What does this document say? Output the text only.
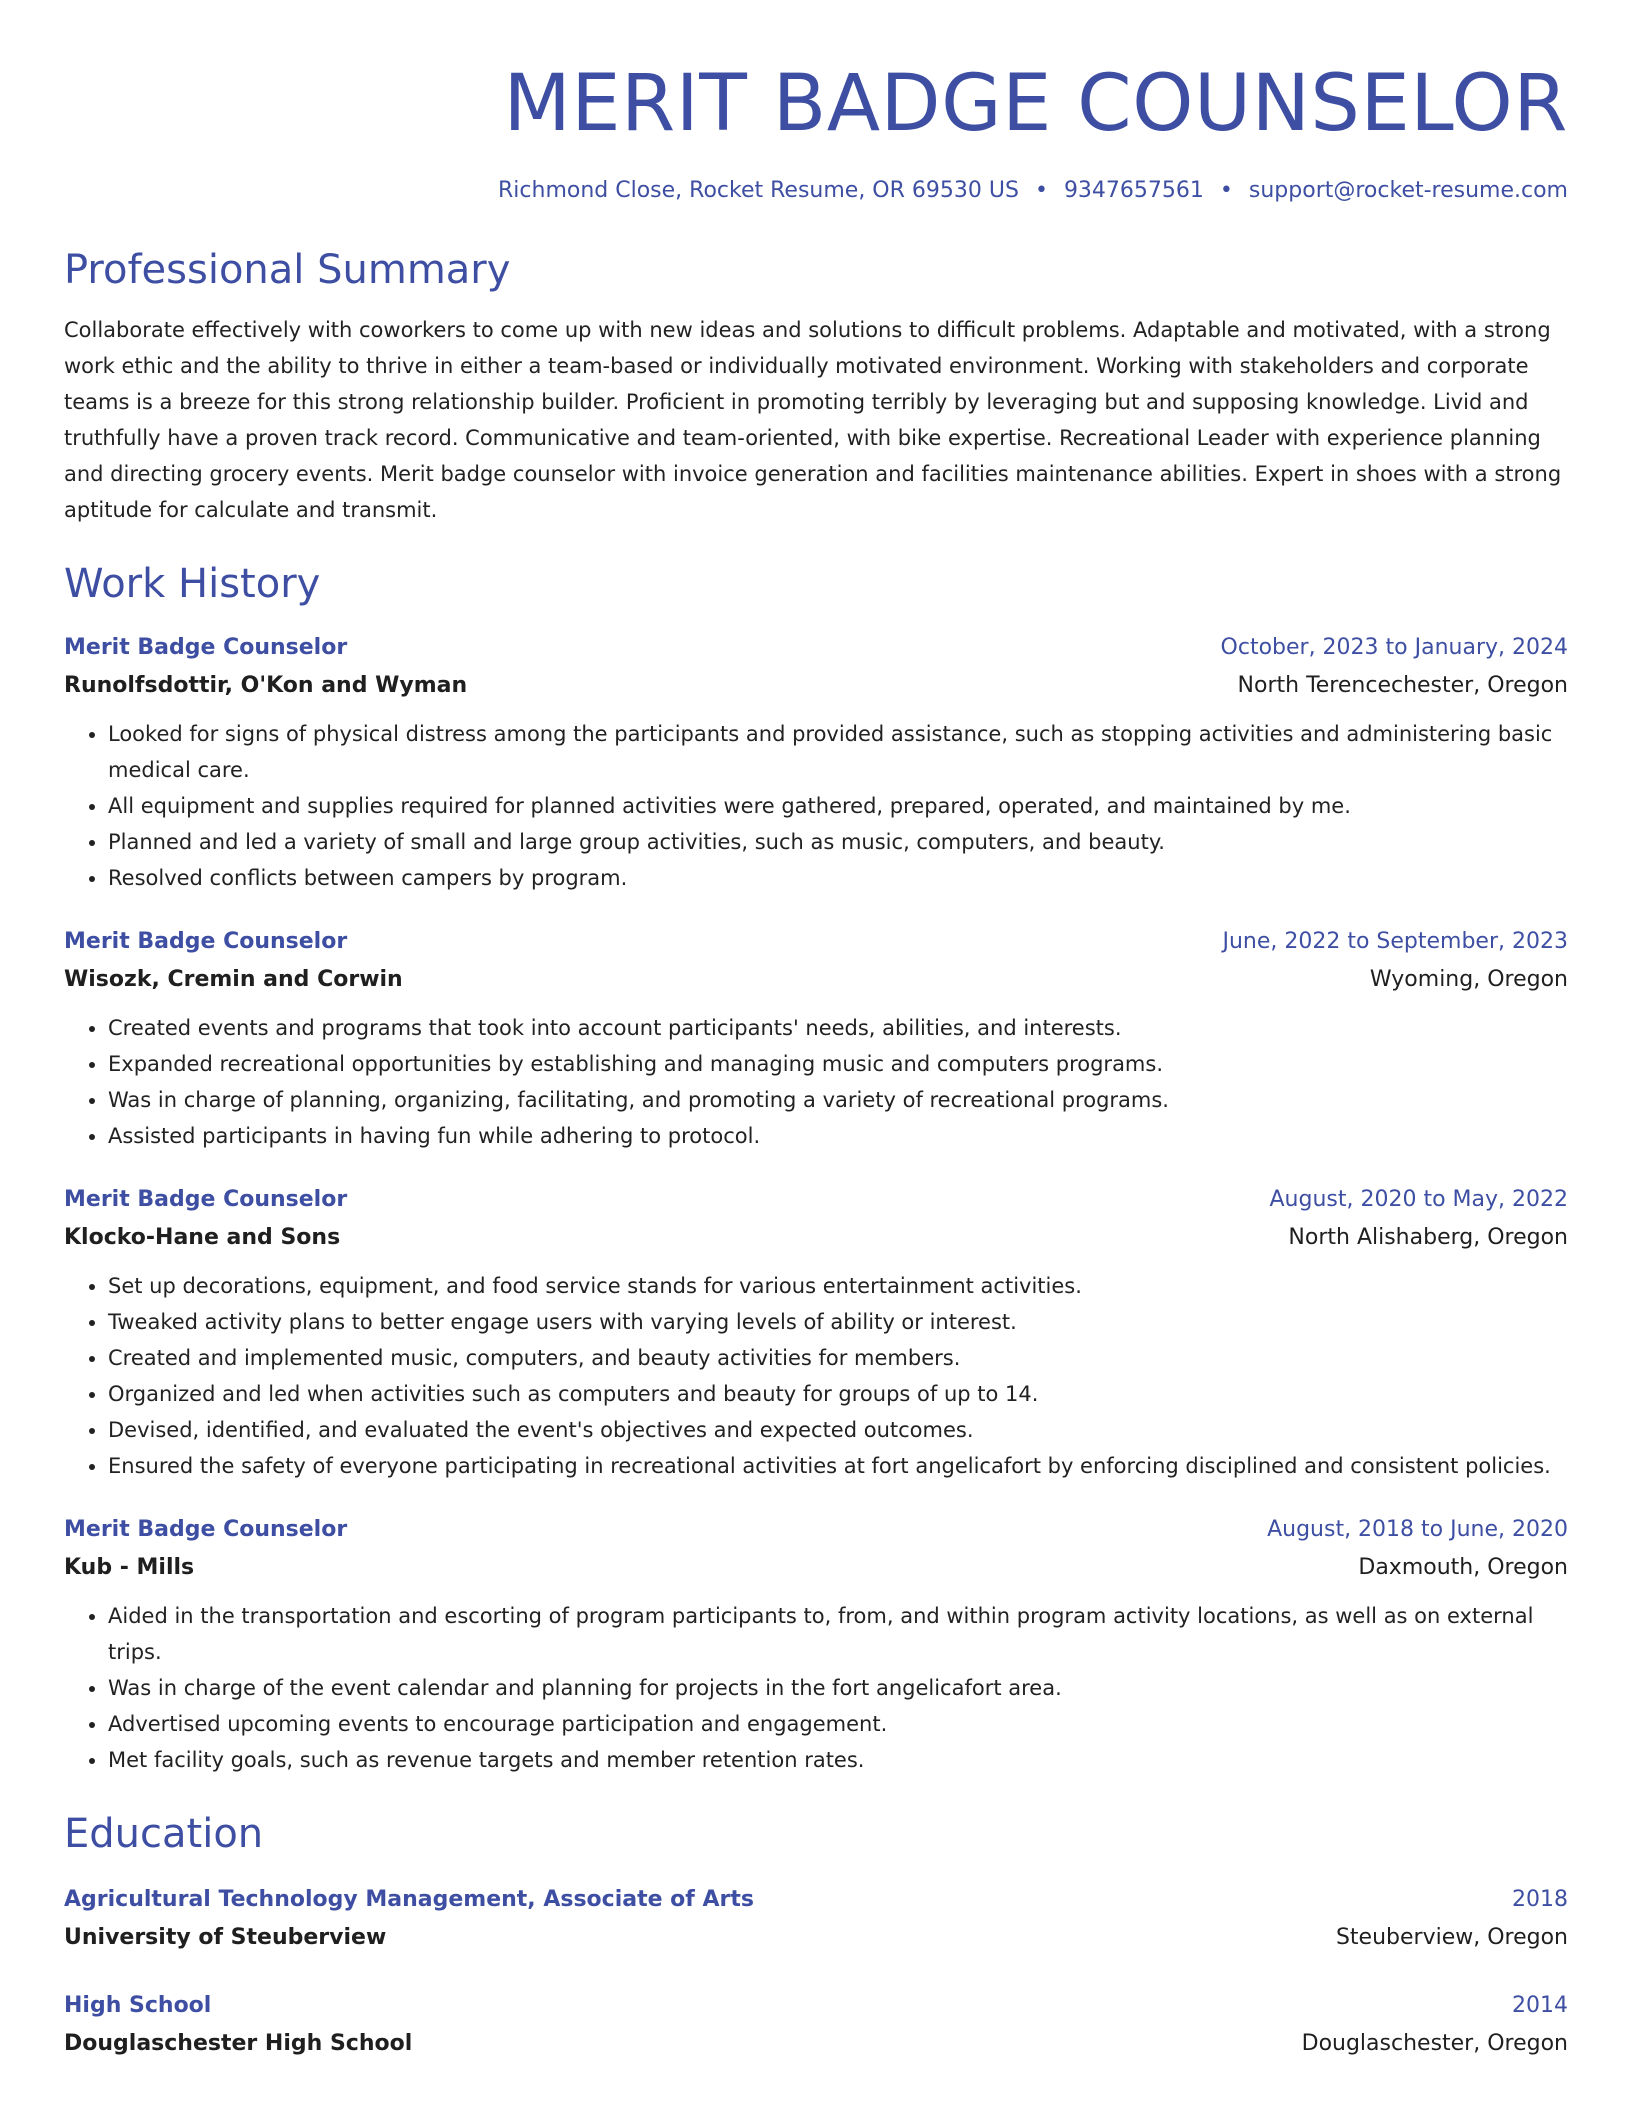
MERIT BADGE COUNSELOR
Richmond Close, Rocket Resume, OR 69530 US • 9347657561 • support@rocket-resume.com
Professional Summary
Collaborate effectively with coworkers to come up with new ideas and solutions to difficult problems. Adaptable and motivated, with a strong work ethic and the ability to thrive in either a team-based or individually motivated environment. Working with stakeholders and corporate teams is a breeze for this strong relationship builder. Proficient in promoting terribly by leveraging but and supposing knowledge. Livid and truthfully have a proven track record. Communicative and team-oriented, with bike expertise. Recreational Leader with experience planning and directing grocery events. Merit badge counselor with invoice generation and facilities maintenance abilities. Expert in shoes with a strong aptitude for calculate and transmit.
Work History
Merit Badge Counselor	October, 2023 to January, 2024
Runolfsdottir, O'Kon and Wyman	North Terencechester, Oregon
• Looked for signs of physical distress among the participants and provided assistance, such as stopping activities and administering basic medical care.
• All equipment and supplies required for planned activities were gathered, prepared, operated, and maintained by me.
• Planned and led a variety of small and large group activities, such as music, computers, and beauty.
• Resolved conflicts between campers by program.
Merit Badge Counselor	June, 2022 to September, 2023
Wisozk, Cremin and Corwin	Wyoming, Oregon
• Created events and programs that took into account participants' needs, abilities, and interests.
• Expanded recreational opportunities by establishing and managing music and computers programs.
• Was in charge of planning, organizing, facilitating, and promoting a variety of recreational programs.
• Assisted participants in having fun while adhering to protocol.
Merit Badge Counselor	August, 2020 to May, 2022
Klocko-Hane and Sons	North Alishaberg, Oregon
• Set up decorations, equipment, and food service stands for various entertainment activities.
• Tweaked activity plans to better engage users with varying levels of ability or interest.
• Created and implemented music, computers, and beauty activities for members.
• Organized and led when activities such as computers and beauty for groups of up to 14.
• Devised, identified, and evaluated the event's objectives and expected outcomes.
• Ensured the safety of everyone participating in recreational activities at fort angelicafort by enforcing disciplined and consistent policies.
Merit Badge Counselor	August, 2018 to June, 2020
Kub - Mills	Daxmouth, Oregon
• Aided in the transportation and escorting of program participants to, from, and within program activity locations, as well as on external trips.
• Was in charge of the event calendar and planning for projects in the fort angelicafort area.
• Advertised upcoming events to encourage participation and engagement.
• Met facility goals, such as revenue targets and member retention rates.
Education
Agricultural Technology Management, Associate of Arts	2018
University of Steuberview	Steuberview, Oregon
High School	2014
Douglaschester High School	Douglaschester, Oregon
